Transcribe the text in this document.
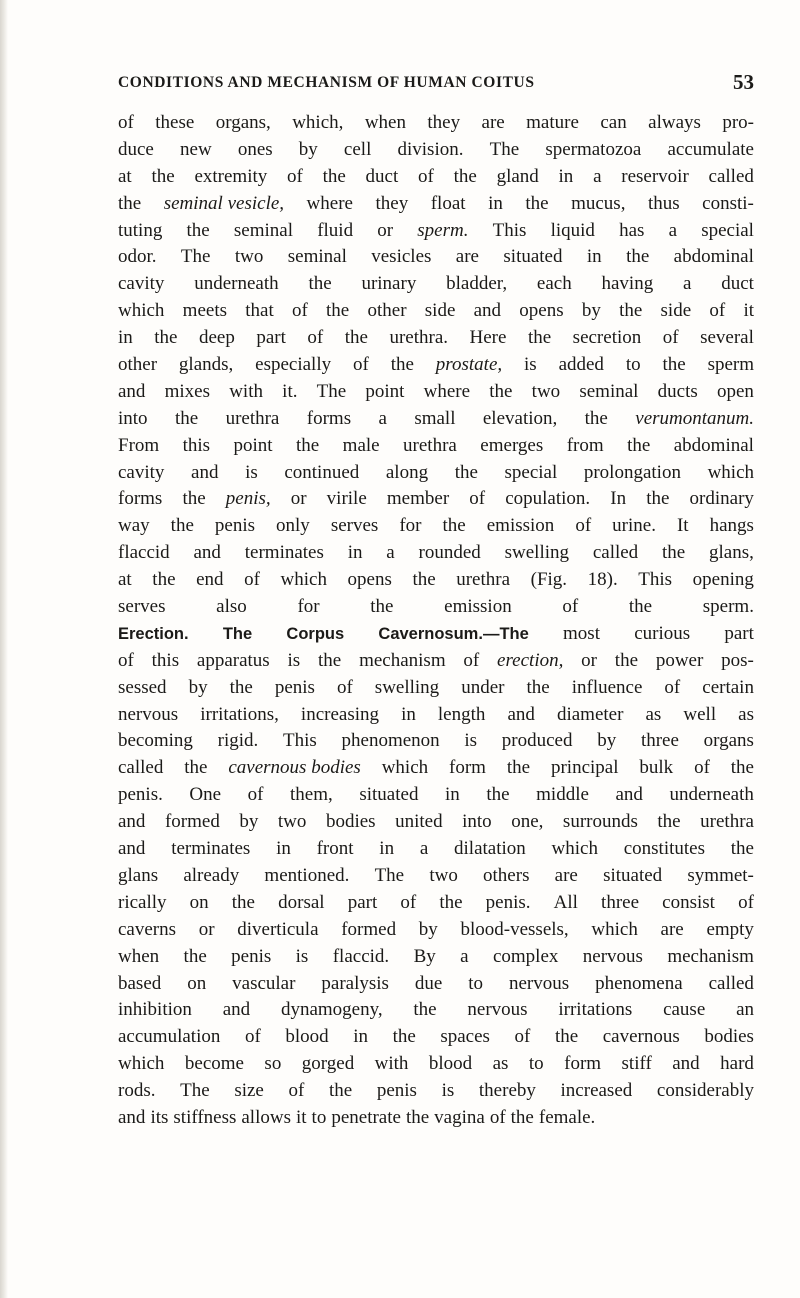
CONDITIONS AND MECHANISM OF HUMAN COITUS	53
of these organs, which, when they are mature can always pro-
duce new ones by cell division. The spermatozoa accumulate
at the extremity of the duct of the gland in a reservoir called
the seminal vesicle, where they float in the mucus, thus consti-
tuting the seminal fluid or sperm. This liquid has a special
odor. The two seminal vesicles are situated in the abdominal
cavity underneath the urinary bladder, each having a duct
which meets that of the other side and opens by the side of it
in the deep part of the urethra. Here the secretion of several
other glands, especially of the prostate, is added to the sperm
and mixes with it. The point where the two seminal ducts open
into the urethra forms a small elevation, the verumontanum.
From this point the male urethra emerges from the abdominal
cavity and is continued along the special prolongation which
forms the penis, or virile member of copulation. In the ordinary
way the penis only serves for the emission of urine. It hangs
flaccid and terminates in a rounded swelling called the glans,
at the end of which opens the urethra (Fig. 18). This opening
serves	also	for	the	emission	of	the	sperm.
Erection. The Corpus Cavernosum.—The most curious part
of this apparatus is the mechanism of erection, or the power pos-
sessed by the penis of swelling under the influence of certain
nervous irritations, increasing in length and diameter as well as
becoming rigid. This phenomenon is produced by three organs
called the cavernous bodies which form the principal bulk of the
penis. One of them, situated in the middle and underneath
and formed by two bodies united into one, surrounds the urethra
and terminates in front in a dilatation which constitutes the
glans already mentioned. The two others are situated symmet-
rically on the dorsal part of the penis. All three consist of
caverns or diverticula formed by blood-vessels, which are empty
when the penis is flaccid. By a complex nervous mechanism
based on vascular paralysis due to nervous phenomena called
inhibition and dynamogeny, the nervous irritations cause an
accumulation of blood in the spaces of the cavernous bodies
which become so gorged with blood as to form stiff and hard
rods. The size of the penis is thereby increased considerably
and its stiffness allows it to penetrate the vagina of the female.
